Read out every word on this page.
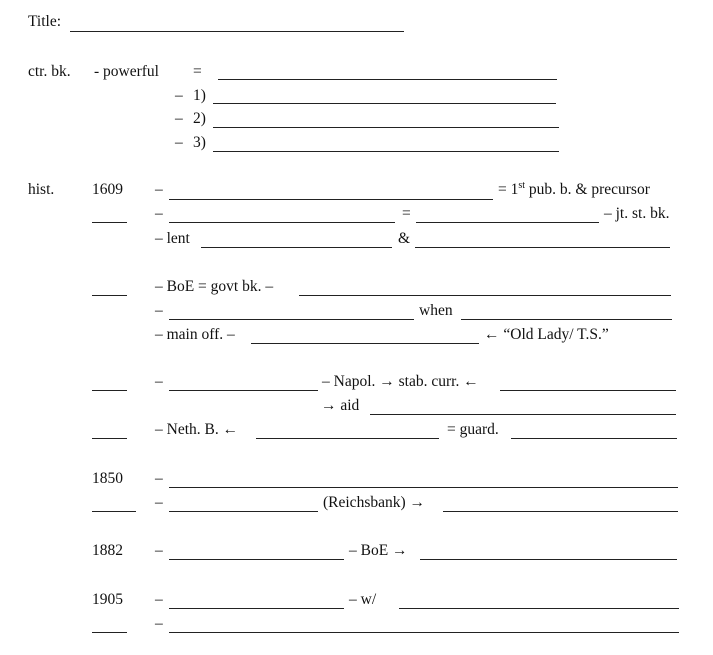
Title:
ctr. bk. - powerful =
– 1)
– 2)
– 3)
hist. 1609 –	= 1st pub. b. & precursor
–	=	– jt. st. bk.
– lent	&
– BoE = govt bk. –
–	when
– main off. –	← “Old Lady/ T.S.”
–	– Napol. → stab. curr. ←
→ aid
– Neth. B. ←	= guard.
1850 –
–	(Reichsbank) →
1882 –	– BoE →
1905 –	– w/
–
